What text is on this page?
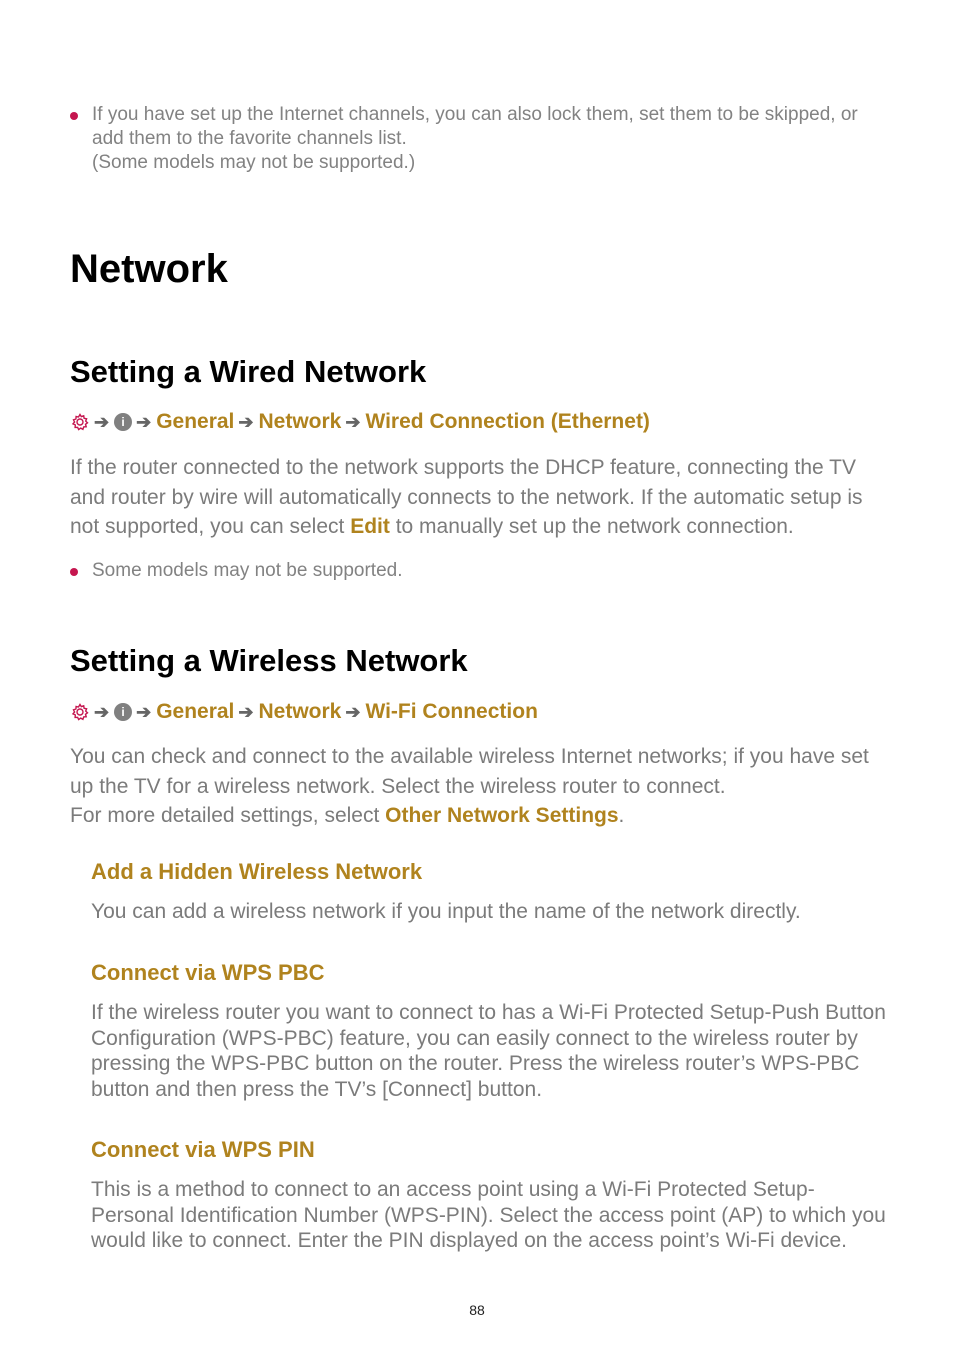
If you have set up the Internet channels, you can also lock them, set them to be skipped, or
add them to the favorite channels list.
(Some models may not be supported.)
Network
Setting a Wired Network
➔	i ➔ General ➔ Network ➔ Wired Connection (Ethernet)
If the router connected to the network supports the DHCP feature, connecting the TV and router by wire will automatically connects to the network. If the automatic setup is not supported, you can select Edit to manually set up the network connection.
Some models may not be supported.
Setting a Wireless Network
➔	i ➔ General ➔ Network ➔ Wi-Fi Connection
You can check and connect to the available wireless Internet networks; if you have set up the TV for a wireless network. Select the wireless router to connect.
For more detailed settings, select Other Network Settings.
Add a Hidden Wireless Network
You can add a wireless network if you input the name of the network directly.
Connect via WPS PBC
If the wireless router you want to connect to has a Wi-Fi Protected Setup-Push Button Configuration (WPS-PBC) feature, you can easily connect to the wireless router by pressing the WPS-PBC button on the router. Press the wireless router’s WPS-PBC button and then press the TV’s [Connect] button.
Connect via WPS PIN
This is a method to connect to an access point using a Wi-Fi Protected Setup-Personal Identification Number (WPS-PIN). Select the access point (AP) to which you would like to connect. Enter the PIN displayed on the access point’s Wi-Fi device.
88
